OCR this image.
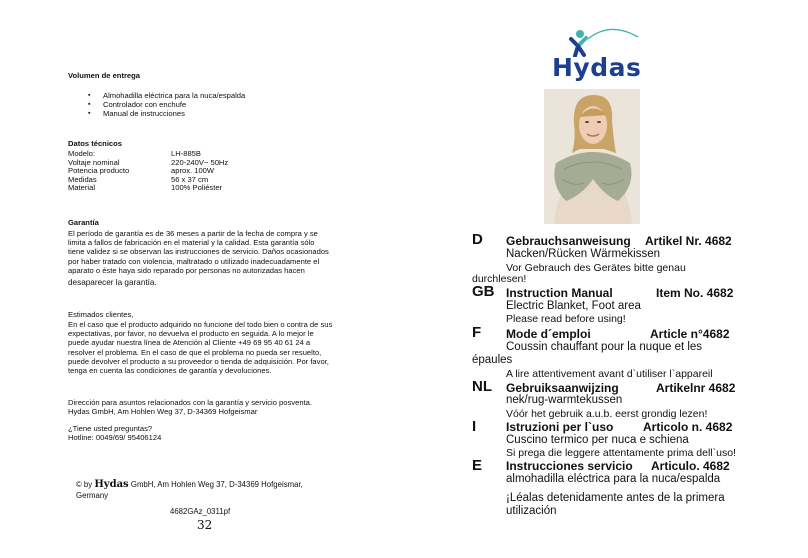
Volumen de entrega
▪ Almohadilla eléctrica para la nuca/espalda
▪ Controlador con enchufe
▪ Manual de instrucciones
Datos técnicos
Modelo:	LH-885B
Voltaje nominal	220-240V~ 50Hz
Potencia producto	aprox. 100W
Medidas	56 x 37 cm
Material	100% Poliéster
Garantía
El período de garantía es de 36 meses a partir de la fecha de compra y se
limita a fallos de fabricación en el material y la calidad. Esta garantía sólo
tiene validez si se observan las instrucciones de servicio. Daños ocasionados
por haber tratado con violencia, maltratado o utilizado inadecuadamente el
aparato o éste haya sido reparado por personas no autorizadas hacen
desaparecer la garantía.
Estimados clientes,
En el caso que el producto adquirido no funcione del todo bien o contra de sus
expectativas, por favor, no devuelva el producto en seguida. A lo mejor le
puede ayudar nuestra línea de Atención al Cliente +49 69 95 40 61 24 a
resolver el problema. En el caso de que el problema no pueda ser resuelto,
puede devolver el producto a su proveedor o tienda de adquisición. Por favor,
tenga en cuenta las condiciones de garantía y devoluciones.
Dirección para asuntos relacionados con la garantía y servicio posventa.
Hydas GmbH, Am Hohlen Weg 37, D-34369 Hofgeismar
¿Tiene usted preguntas?
Hotline: 0049/69/ 95406124
© by Hydas GmbH, Am Hohlen Weg 37, D-34369 Hofgeismar,
Germany
4682GAz_0311pf
32
Hydas
D Gebrauchsanweisung Artikel Nr. 4682
Nacken/Rücken Wärmekissen
Vor Gebrauch des Gerätes bitte genau
durchlesen!
GB Instruction Manual	Item No. 4682
Electric Blanket, Foot area
Please read before using!
F Mode d´emploi	Article n°4682
Coussin chauffant pour la nuque et les
épaules
A lire attentivement avant d`utiliser l`appareil
NL Gebruiksaanwijzing	Artikelnr 4682
nek/rug-warmtekussen
Vóór het gebruik a.u.b. eerst grondig lezen!
I Istruzioni per l`uso Articolo n. 4682
Cuscino termico per nuca e schiena
Si prega die leggere attentamente prima dell`uso!
E Instrucciones servicio Articulo. 4682
almohadilla eléctrica para la nuca/espalda
¡Léalas detenidamente antes de la primera
utilización
